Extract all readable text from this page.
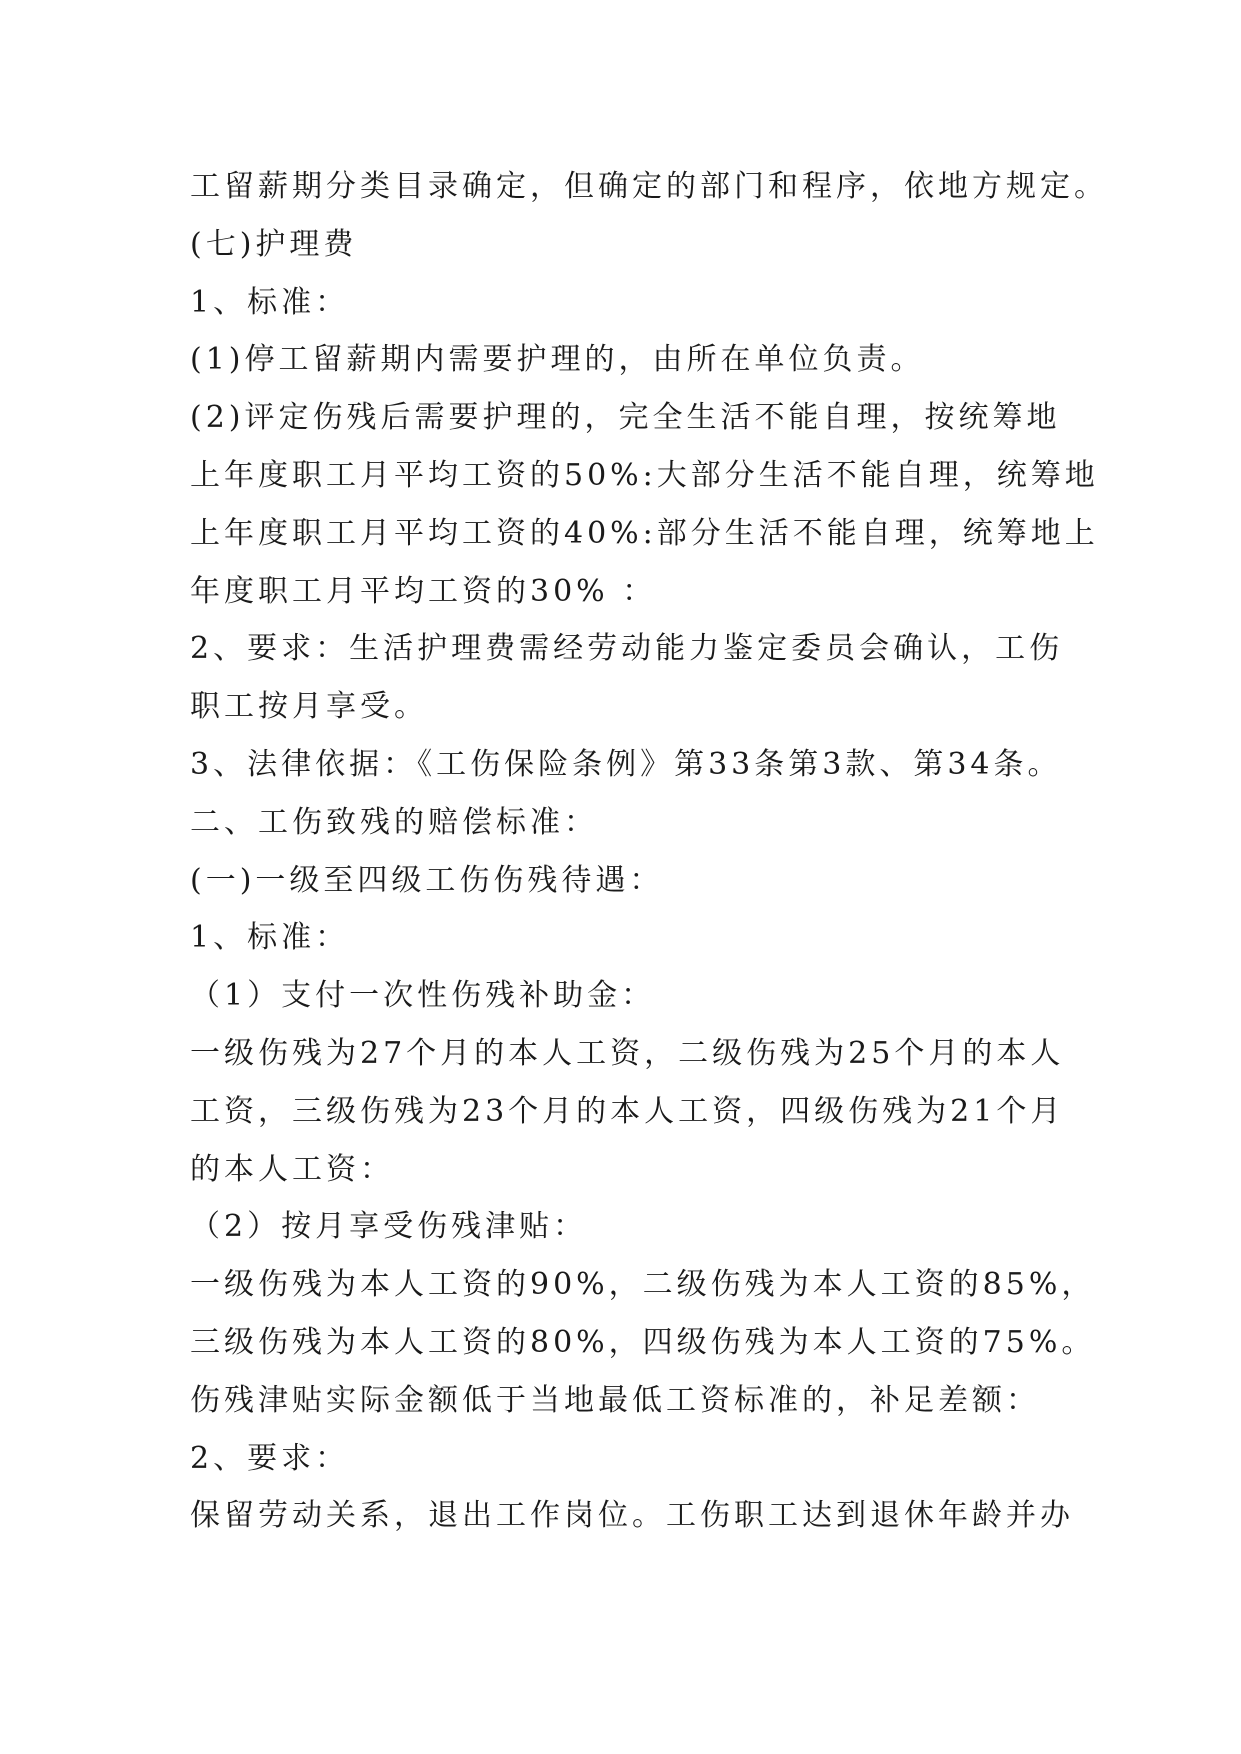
工留薪期分类目录确定，但确定的部门和程序，依地方规定。
(七)护理费
1、标准：
(1)停工留薪期内需要护理的，由所在单位负责。
(2)评定伤残后需要护理的，完全生活不能自理，按统筹地
上年度职工月平均工资的50%:大部分生活不能自理，统筹地
上年度职工月平均工资的40%:部分生活不能自理，统筹地上
年度职工月平均工资的30% ：
2、要求：生活护理费需经劳动能力鉴定委员会确认，工伤
职工按月享受。
3、法律依据：《工伤保险条例》第33条第3款、第34条。
二、工伤致残的赔偿标准：
(一)一级至四级工伤伤残待遇：
1、标准：
（1）支付一次性伤残补助金：
一级伤残为27个月的本人工资，二级伤残为25个月的本人
工资，三级伤残为23个月的本人工资，四级伤残为21个月
的本人工资：
（2）按月享受伤残津贴：
一级伤残为本人工资的90%，二级伤残为本人工资的85%，
三级伤残为本人工资的80%，四级伤残为本人工资的75%。
伤残津贴实际金额低于当地最低工资标准的，补足差额：
2、要求：
保留劳动关系，退出工作岗位。工伤职工达到退休年龄并办
